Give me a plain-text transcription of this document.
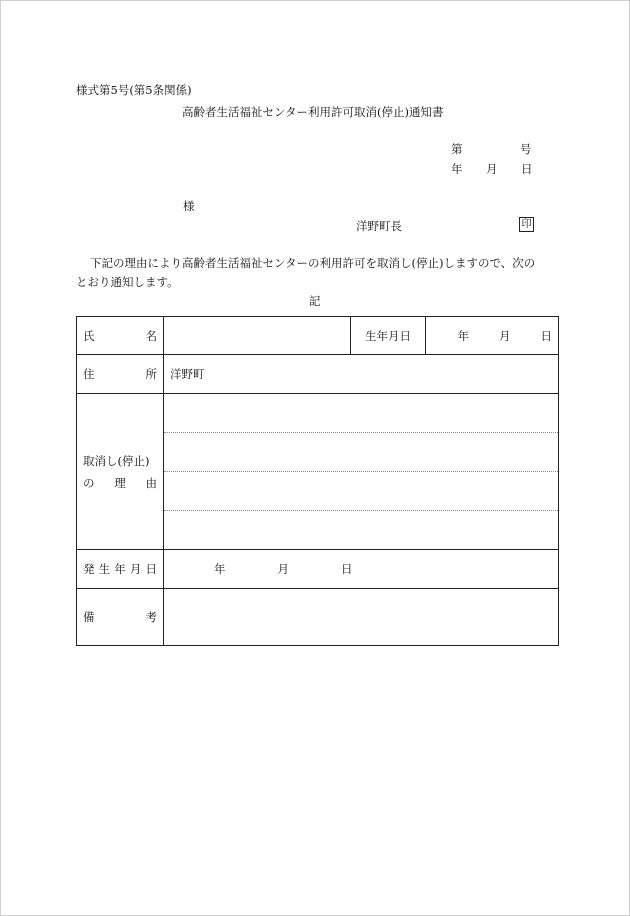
様式第5号(第5条関係)
高齢者生活福祉センター利用許可取消(停止)通知書
第	号
年 月 日
様
洋野町長	印
下記の理由により高齢者生活福祉センターの利用許可を取消し(停止)しますので、次の
とおり通知します。
記
氏 名		生年月日	年 月 日

住 所	洋野町		

取消し(停止)
の 理 由			

発 生 年 月 日	年 月 日		

備 考			
